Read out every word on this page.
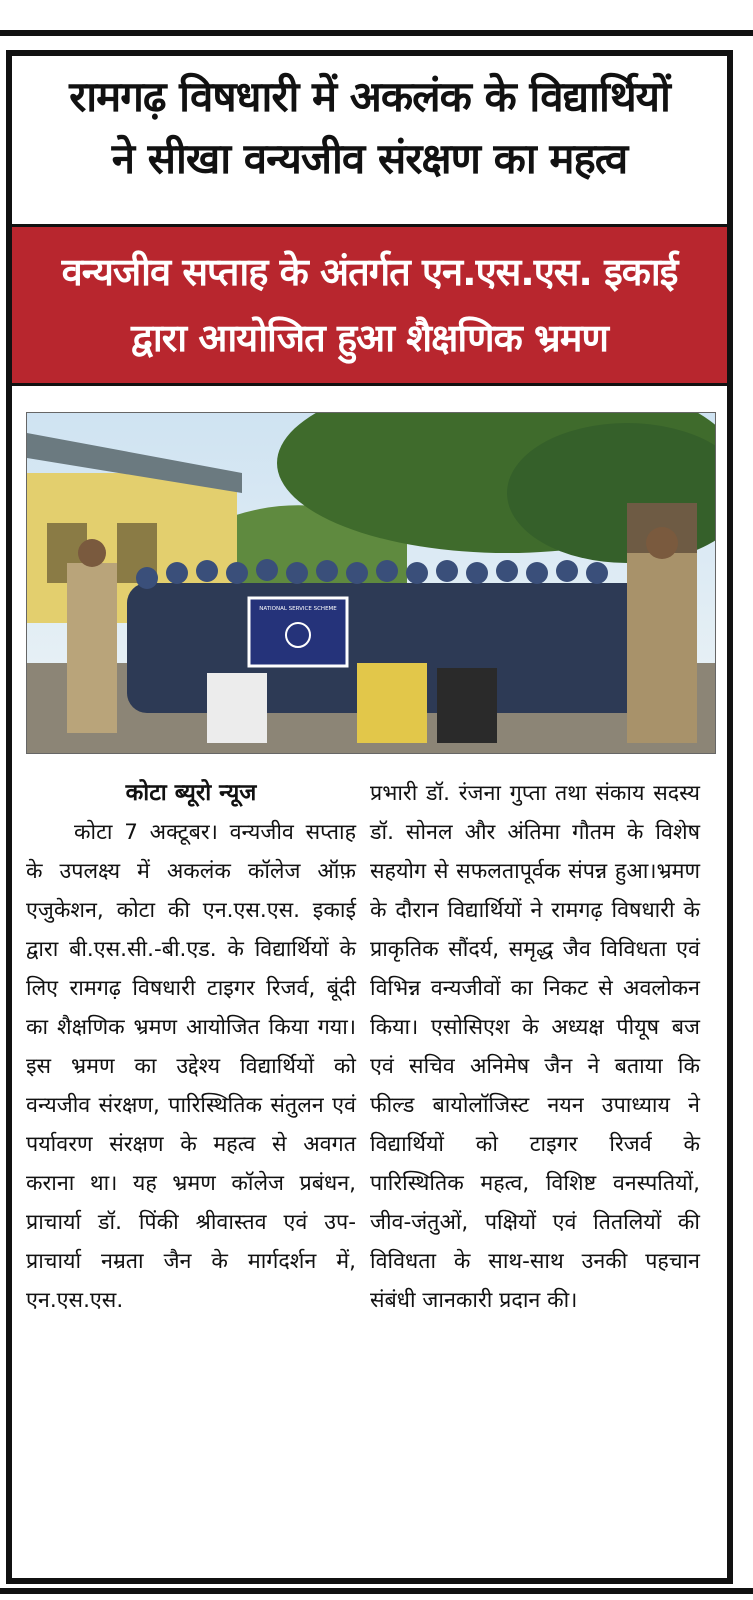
रामगढ़ विषधारी में अकलंक के विद्यार्थियों
ने सीखा वन्यजीव संरक्षण का महत्व
वन्यजीव सप्ताह के अंतर्गत एन.एस.एस. इकाई
द्वारा आयोजित हुआ शैक्षणिक भ्रमण
NATIONAL SERVICE SCHEME
कोटा ब्यूरो न्यूज
कोटा 7 अक्टूबर। वन्यजीव सप्ताह के उपलक्ष्य में अकलंक कॉलेज ऑफ़ एजुकेशन, कोटा की एन.एस.एस. इकाई द्वारा बी.एस.सी.-बी.एड. के विद्यार्थियों के लिए रामगढ़ विषधारी टाइगर रिजर्व, बूंदी का शैक्षणिक भ्रमण आयोजित किया गया। इस भ्रमण का उद्देश्य विद्यार्थियों को वन्यजीव संरक्षण, पारिस्थितिक संतुलन एवं पर्यावरण संरक्षण के महत्व से अवगत कराना था। यह भ्रमण कॉलेज प्रबंधन, प्राचार्या डॉ. पिंकी श्रीवास्तव एवं उप-प्राचार्या नम्रता जैन के मार्गदर्शन में, एन.एस.एस.
प्रभारी डॉ. रंजना गुप्ता तथा संकाय सदस्य डॉ. सोनल और अंतिमा गौतम के विशेष सहयोग से सफलतापूर्वक संपन्न हुआ।भ्रमण के दौरान विद्यार्थियों ने रामगढ़ विषधारी के प्राकृतिक सौंदर्य, समृद्ध जैव विविधता एवं विभिन्न वन्यजीवों का निकट से अवलोकन किया। एसोसिएश के अध्यक्ष पीयूष बज एवं सचिव अनिमेष जैन ने बताया कि फील्ड बायोलॉजिस्ट नयन उपाध्याय ने विद्यार्थियों को टाइगर रिजर्व के पारिस्थितिक महत्व, विशिष्ट वनस्पतियों, जीव-जंतुओं, पक्षियों एवं तितलियों की विविधता के साथ-साथ उनकी पहचान संबंधी जानकारी प्रदान की।
